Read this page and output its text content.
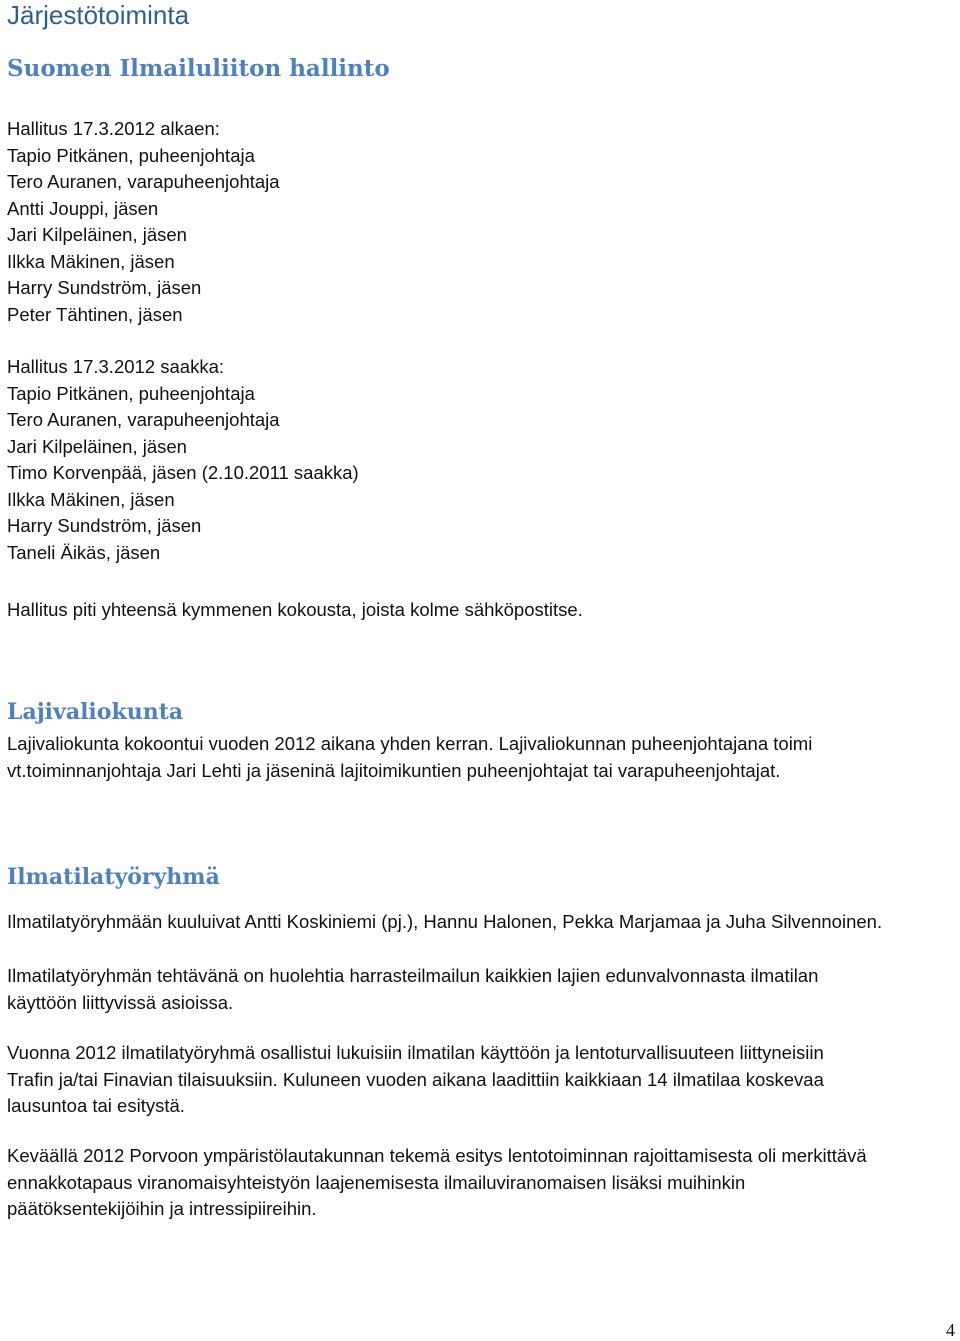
Järjestötoiminta
Suomen Ilmailuliiton hallinto
Hallitus 17.3.2012 alkaen:
Tapio Pitkänen, puheenjohtaja
Tero Auranen, varapuheenjohtaja
Antti Jouppi, jäsen
Jari Kilpeläinen, jäsen
Ilkka Mäkinen, jäsen
Harry Sundström, jäsen
Peter Tähtinen, jäsen
Hallitus 17.3.2012 saakka:
Tapio Pitkänen, puheenjohtaja
Tero Auranen, varapuheenjohtaja
Jari Kilpeläinen, jäsen
Timo Korvenpää, jäsen (2.10.2011 saakka)
Ilkka Mäkinen, jäsen
Harry Sundström, jäsen
Taneli Äikäs, jäsen
Hallitus piti yhteensä kymmenen kokousta, joista kolme sähköpostitse.
Lajivaliokunta
Lajivaliokunta kokoontui vuoden 2012 aikana yhden kerran. Lajivaliokunnan puheenjohtajana toimi
vt.toiminnanjohtaja Jari Lehti ja jäseninä lajitoimikuntien puheenjohtajat tai varapuheenjohtajat.
Ilmatilatyöryhmä
Ilmatilatyöryhmään kuuluivat Antti Koskiniemi (pj.), Hannu Halonen, Pekka Marjamaa ja Juha Silvennoinen.
Ilmatilatyöryhmän tehtävänä on huolehtia harrasteilmailun kaikkien lajien edunvalvonnasta ilmatilan
käyttöön liittyvissä asioissa.
Vuonna 2012 ilmatilatyöryhmä osallistui lukuisiin ilmatilan käyttöön ja lentoturvallisuuteen liittyneisiin
Trafin ja/tai Finavian tilaisuuksiin. Kuluneen vuoden aikana laadittiin kaikkiaan 14 ilmatilaa koskevaa
lausuntoa tai esitystä.
Keväällä 2012 Porvoon ympäristölautakunnan tekemä esitys lentotoiminnan rajoittamisesta oli merkittävä
ennakkotapaus viranomaisyhteistyön laajenemisesta ilmailuviranomaisen lisäksi muihinkin
päätöksentekijöihin ja intressipiireihin.
4
